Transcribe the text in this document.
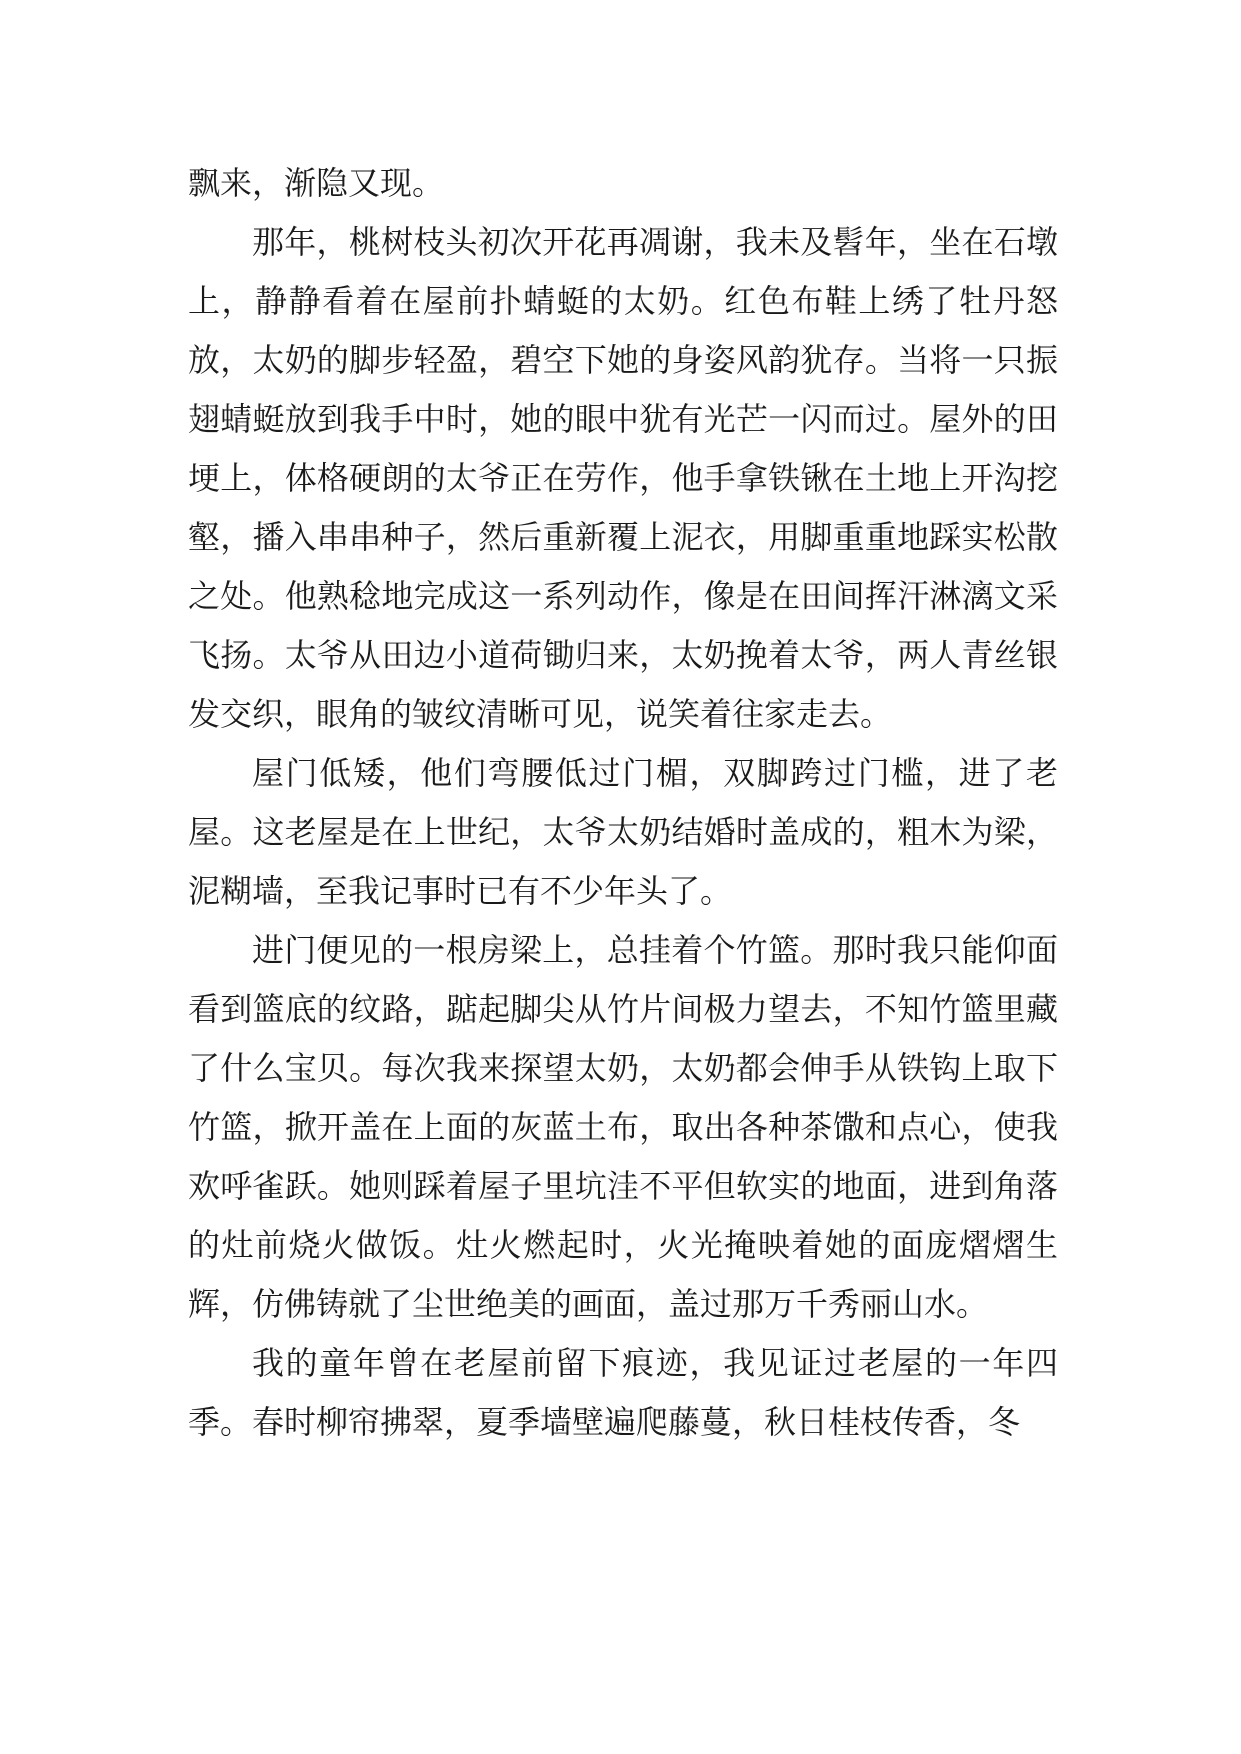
飘来，渐隐又现。

那年，桃树枝头初次开花再凋谢，我未及髫年，坐在石墩上，静静看着在屋前扑蜻蜓的太奶。红色布鞋上绣了牡丹怒放，太奶的脚步轻盈，碧空下她的身姿风韵犹存。当将一只振翅蜻蜓放到我手中时，她的眼中犹有光芒一闪而过。屋外的田埂上，体格硬朗的太爷正在劳作，他手拿铁锹在土地上开沟挖壑，播入串串种子，然后重新覆上泥衣，用脚重重地踩实松散之处。他熟稔地完成这一系列动作，像是在田间挥汗淋漓文采飞扬。太爷从田边小道荷锄归来，太奶挽着太爷，两人青丝银发交织，眼角的皱纹清晰可见，说笑着往家走去。

屋门低矮，他们弯腰低过门楣，双脚跨过门槛，进了老屋。这老屋是在上世纪，太爷太奶结婚时盖成的，粗木为梁，泥糊墙，至我记事时已有不少年头了。

进门便见的一根房梁上，总挂着个竹篮。那时我只能仰面看到篮底的纹路，踮起脚尖从竹片间极力望去，不知竹篮里藏了什么宝贝。每次我来探望太奶，太奶都会伸手从铁钩上取下竹篮，掀开盖在上面的灰蓝土布，取出各种茶馓和点心，使我欢呼雀跃。她则踩着屋子里坑洼不平但软实的地面，进到角落的灶前烧火做饭。灶火燃起时，火光掩映着她的面庞熠熠生辉，仿佛铸就了尘世绝美的画面，盖过那万千秀丽山水。

我的童年曾在老屋前留下痕迹，我见证过老屋的一年四季。春时柳帘拂翠，夏季墙壁遍爬藤蔓，秋日桂枝传香，冬
